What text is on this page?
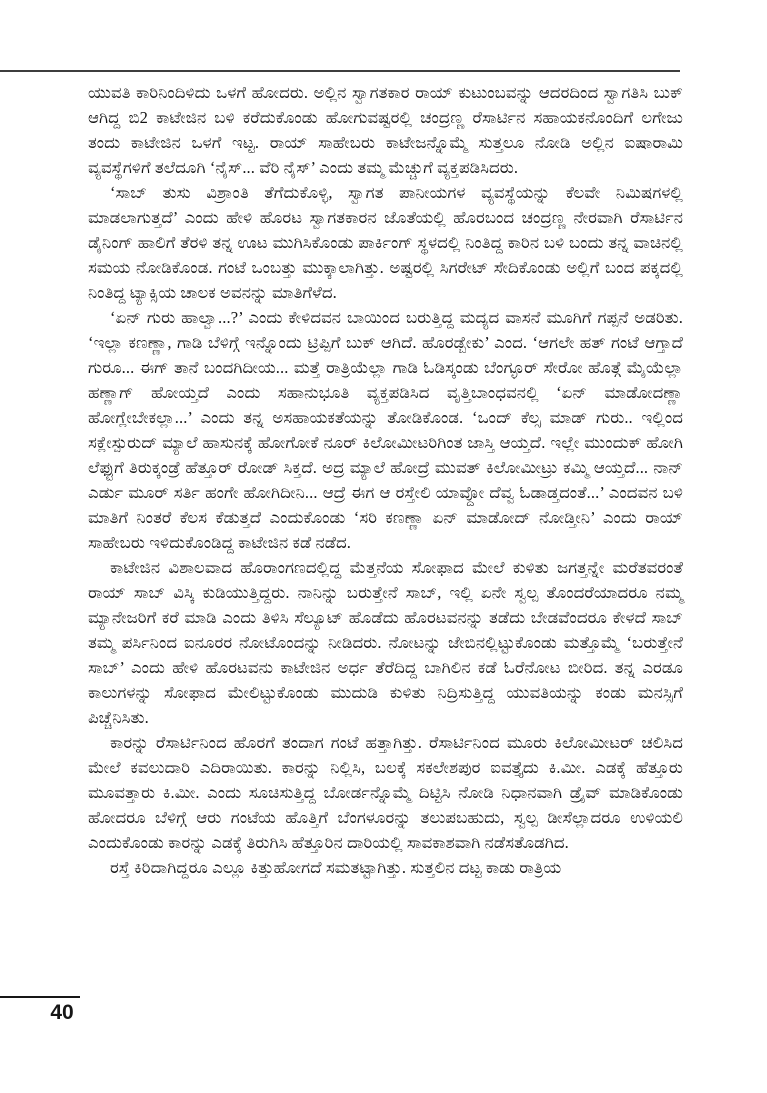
ಯುವತಿ ಕಾರಿನಿಂದಿಳಿದು ಒಳಗೆ ಹೋದರು. ಅಲ್ಲಿನ ಸ್ವಾಗತಕಾರ ರಾಯ್ ಕುಟುಂಬವನ್ನು ಆದರದಿಂದ ಸ್ವಾಗತಿಸಿ ಬುಕ್ ಆಗಿದ್ದ ಬಿ2 ಕಾಟೇಜಿನ ಬಳಿ ಕರೆದುಕೊಂಡು ಹೋಗುವಷ್ಟರಲ್ಲಿ ಚಂದ್ರಣ್ಣ ರೆಸಾರ್ಟಿನ ಸಹಾಯಕನೊಂದಿಗೆ ಲಗೇಜು ತಂದು ಕಾಟೇಜಿನ ಒಳಗೆ ಇಟ್ಟ. ರಾಯ್ ಸಾಹೇಬರು ಕಾಟೇಜನ್ನೊಮ್ಮೆ ಸುತ್ತಲೂ ನೋಡಿ ಅಲ್ಲಿನ ಐಷಾರಾಮಿ ವ್ಯವಸ್ಥೆಗಳಿಗೆ ತಲೆದೂಗಿ ‘ನೈಸ್... ವೆರಿ ನೈಸ್’ ಎಂದು ತಮ್ಮ ಮೆಚ್ಚುಗೆ ವ್ಯಕ್ತಪಡಿಸಿದರು.

‘ಸಾಬ್ ತುಸು ವಿಶ್ರಾಂತಿ ತೆಗೆದುಕೊಳ್ಳಿ, ಸ್ವಾಗತ ಪಾನೀಯಗಳ ವ್ಯವಸ್ಥೆಯನ್ನು ಕೆಲವೇ ನಿಮಿಷಗಳಲ್ಲಿ ಮಾಡಲಾಗುತ್ತದೆ’ ಎಂದು ಹೇಳಿ ಹೊರಟ ಸ್ವಾಗತಕಾರನ ಜೊತೆಯಲ್ಲಿ ಹೊರಬಂದ ಚಂದ್ರಣ್ಣ ನೇರವಾಗಿ ರೆಸಾರ್ಟಿನ ಡೈನಿಂಗ್ ಹಾಲಿಗೆ ತೆರಳಿ ತನ್ನ ಊಟ ಮುಗಿಸಿಕೊಂಡು ಪಾರ್ಕಿಂಗ್ ಸ್ಥಳದಲ್ಲಿ ನಿಂತಿದ್ದ ಕಾರಿನ ಬಳಿ ಬಂದು ತನ್ನ ವಾಚಿನಲ್ಲಿ ಸಮಯ ನೋಡಿಕೊಂಡ. ಗಂಟೆ ಒಂಬತ್ತು ಮುಕ್ಕಾಲಾಗಿತ್ತು. ಅಷ್ಟರಲ್ಲಿ ಸಿಗರೇಟ್ ಸೇದಿಕೊಂಡು ಅಲ್ಲಿಗೆ ಬಂದ ಪಕ್ಕದಲ್ಲಿ ನಿಂತಿದ್ದ ಟ್ಯಾಕ್ಸಿಯ ಚಾಲಕ ಅವನನ್ನು ಮಾತಿಗೆಳೆದ.

‘ಏನ್ ಗುರು ಹಾಲ್ವಾ...?’ ಎಂದು ಕೇಳಿದವನ ಬಾಯಿಂದ ಬರುತ್ತಿದ್ದ ಮದ್ಯದ ವಾಸನೆ ಮೂಗಿಗೆ ಗಪ್ಪನೆ ಅಡರಿತು. ‘ಇಲ್ಲಾ ಕಣಣ್ಣಾ, ಗಾಡಿ ಬೆಳಿಗ್ಗೆ ಇನ್ನೊಂದು ಟ್ರಿಪ್ಪಿಗೆ ಬುಕ್ ಆಗಿದೆ. ಹೊರಡ್ಬೇಕು’ ಎಂದ. ‘ಆಗಲೇ ಹತ್ ಗಂಟೆ ಆಗ್ತಾದೆ ಗುರೂ... ಈಗ್ ತಾನೆ ಬಂದಗಿದೀಯ... ಮತ್ತೆ ರಾತ್ರಿಯೆಲ್ಲಾ ಗಾಡಿ ಓಡಿಸ್ಕಂಡು ಬೆಂಗ್ಳೂರ್ ಸೇರೋ ಹೊತ್ಗೆ ಮೈಯೆಲ್ಲಾ ಹಣ್ಣಾಗ್ ಹೋಯ್ತದೆ ಎಂದು ಸಹಾನುಭೂತಿ ವ್ಯಕ್ತಪಡಿಸಿದ ವೃತ್ತಿಬಾಂಧವನಲ್ಲಿ ‘ಏನ್ ಮಾಡೋದಣ್ಣಾ ಹೋಗ್ಲೇಬೇಕಲ್ಲಾ...’ ಎಂದು ತನ್ನ ಅಸಹಾಯಕತೆಯನ್ನು ತೋಡಿಕೊಂಡ. ‘ಒಂದ್ ಕೆಲ್ಸ ಮಾಡ್ ಗುರು.. ಇಲ್ಲಿಂದ ಸಕ್ಲೇಸ್ಪುರುದ್ ಮ್ಯಾಲೆ ಹಾಸುನಕ್ಕೆ ಹೋಗೋಕೆ ನೂರ್ ಕಿಲೋಮೀಟರಿಗಿಂತ ಜಾಸ್ತಿ ಆಯ್ತದೆ. ಇಲ್ಲೇ ಮುಂದುಕ್ ಹೋಗಿ ಲೆಫ್ಟುಗೆ ತಿರುಕ್ಕಂಡ್ರೆ ಹೆತ್ತೂರ್ ರೋಡ್ ಸಿಕ್ತದೆ. ಅದ್ರ ಮ್ಯಾಲೆ ಹೋದ್ರೆ ಮುವತ್ ಕಿಲೋಮೀಟ್ರು ಕಮ್ಮಿ ಆಯ್ತದೆ... ನಾನ್ ಎರ್ಡು ಮೂರ್ ಸರ್ತಿ ಹಂಗೇ ಹೋಗಿದೀನಿ... ಆದ್ರೆ ಈಗ ಆ ರಸ್ತೇಲಿ ಯಾವ್ದೋ ದೆವ್ವ ಓಡಾಡ್ತದಂತೆ...’ ಎಂದವನ ಬಳಿ ಮಾತಿಗೆ ನಿಂತರೆ ಕೆಲಸ ಕೆಡುತ್ತದೆ ಎಂದುಕೊಂಡು ‘ಸರಿ ಕಣಣ್ಣಾ ಏನ್ ಮಾಡೋದ್ ನೋಡ್ತೀನಿ’ ಎಂದು ರಾಯ್ ಸಾಹೇಬರು ಇಳಿದುಕೊಂಡಿದ್ದ ಕಾಟೇಜಿನ ಕಡೆ ನಡೆದ.

ಕಾಟೇಜಿನ ವಿಶಾಲವಾದ ಹೊರಾಂಗಣದಲ್ಲಿದ್ದ ಮೆತ್ತನೆಯ ಸೋಫಾದ ಮೇಲೆ ಕುಳಿತು ಜಗತ್ತನ್ನೇ ಮರೆತವರಂತೆ ರಾಯ್ ಸಾಬ್ ವಿಸ್ಕಿ ಕುಡಿಯುತ್ತಿದ್ದರು. ನಾನಿನ್ನು ಬರುತ್ತೇನೆ ಸಾಬ್, ಇಲ್ಲಿ ಏನೇ ಸ್ವಲ್ಪ ತೊಂದರೆಯಾದರೂ ನಮ್ಮ ಮ್ಯಾನೇಜರಿಗೆ ಕರೆ ಮಾಡಿ ಎಂದು ತಿಳಿಸಿ ಸೆಲ್ಯೂಟ್ ಹೊಡೆದು ಹೊರಟವನನ್ನು ತಡೆದು ಬೇಡವೆಂದರೂ ಕೇಳದೆ ಸಾಬ್ ತಮ್ಮ ಪರ್ಸಿನಿಂದ ಐನೂರರ ನೋಟೊಂದನ್ನು ನೀಡಿದರು. ನೋಟನ್ನು ಜೇಬಿನಲ್ಲಿಟ್ಟುಕೊಂಡು ಮತ್ತೊಮ್ಮೆ ‘ಬರುತ್ತೇನೆ ಸಾಬ್’ ಎಂದು ಹೇಳಿ ಹೊರಟವನು ಕಾಟೇಜಿನ ಅರ್ಧ ತೆರೆದಿದ್ದ ಬಾಗಿಲಿನ ಕಡೆ ಓರೆನೋಟ ಬೀರಿದ. ತನ್ನ ಎರಡೂ ಕಾಲುಗಳನ್ನು ಸೋಫಾದ ಮೇಲಿಟ್ಟುಕೊಂಡು ಮುದುಡಿ ಕುಳಿತು ನಿದ್ರಿಸುತ್ತಿದ್ದ ಯುವತಿಯನ್ನು ಕಂಡು ಮನಸ್ಸಿಗೆ ಪಿಚ್ಚೆನಿಸಿತು.

ಕಾರನ್ನು ರೆಸಾರ್ಟಿನಿಂದ ಹೊರಗೆ ತಂದಾಗ ಗಂಟೆ ಹತ್ತಾಗಿತ್ತು. ರೆಸಾರ್ಟಿನಿಂದ ಮೂರು ಕಿಲೋಮೀಟರ್ ಚಲಿಸಿದ ಮೇಲೆ ಕವಲುದಾರಿ ಎದಿರಾಯಿತು. ಕಾರನ್ನು ನಿಲ್ಲಿಸಿ, ಬಲಕ್ಕೆ ಸಕಲೇಶಪುರ ಐವತ್ತೈದು ಕಿ.ಮೀ. ಎಡಕ್ಕೆ ಹೆತ್ತೂರು ಮೂವತ್ತಾರು ಕಿ.ಮೀ. ಎಂದು ಸೂಚಿಸುತ್ತಿದ್ದ ಬೋರ್ಡನ್ನೊಮ್ಮೆ ದಿಟ್ಟಿಸಿ ನೋಡಿ ನಿಧಾನವಾಗಿ ಡ್ರೈವ್ ಮಾಡಿಕೊಂಡು ಹೋದರೂ ಬೆಳಿಗ್ಗೆ ಆರು ಗಂಟೆಯ ಹೊತ್ತಿಗೆ ಬೆಂಗಳೂರನ್ನು ತಲುಪಬಹುದು, ಸ್ವಲ್ಪ ಡೀಸೆಲ್ಲಾದರೂ ಉಳಿಯಲಿ ಎಂದುಕೊಂಡು ಕಾರನ್ನು ಎಡಕ್ಕೆ ತಿರುಗಿಸಿ ಹೆತ್ತೂರಿನ ದಾರಿಯಲ್ಲಿ ಸಾವಕಾಶವಾಗಿ ನಡೆಸತೊಡಗಿದ.

ರಸ್ತೆ ಕಿರಿದಾಗಿದ್ದರೂ ಎಲ್ಲೂ ಕಿತ್ತುಹೋಗದೆ ಸಮತಟ್ಟಾಗಿತ್ತು. ಸುತ್ತಲಿನ ದಟ್ಟ ಕಾಡು ರಾತ್ರಿಯ

40
